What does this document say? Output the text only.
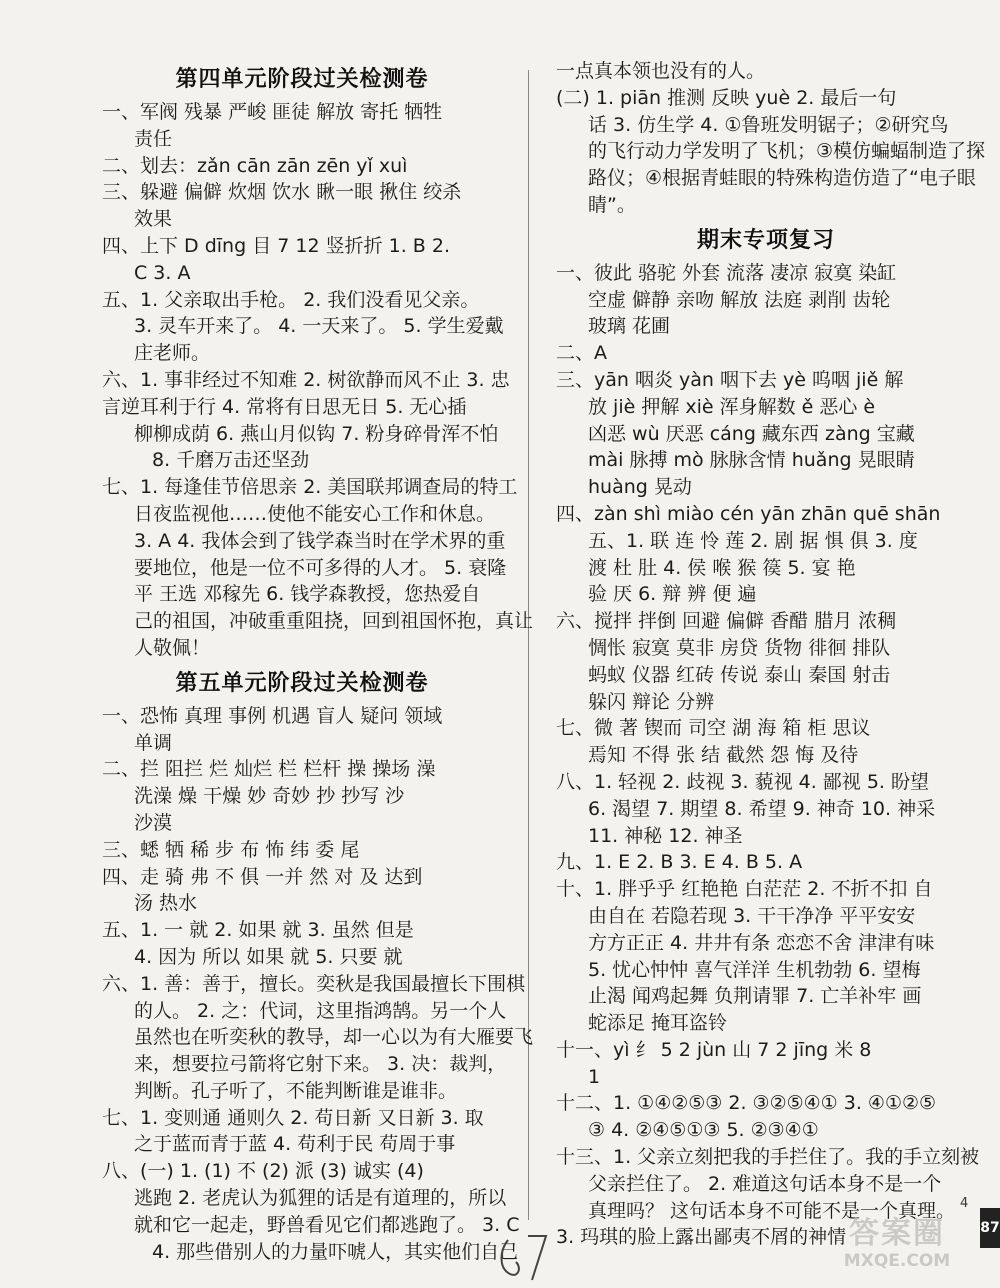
第四单元阶段过关检测卷
一、军阀 残暴 严峻 匪徒 解放 寄托 牺牲
责任
二、划去：zǎn cān zān zēn yǐ xuì
三、躲避 偏僻 炊烟 饮水 瞅一眼 揪住 绞杀
效果
四、上下 D dīng 目 7 12 竖折折 1. B 2.
C 3. A
五、1. 父亲取出手枪。 2. 我们没看见父亲。
3. 灵车开来了。 4. 一天来了。 5. 学生爱戴
庄老师。
六、1. 事非经过不知难 2. 树欲静而风不止 3. 忠
言逆耳利于行 4. 常将有日思无日 5. 无心插
柳柳成荫 6. 燕山月似钩 7. 粉身碎骨浑不怕
8. 千磨万击还坚劲
七、1. 每逢佳节倍思亲 2. 美国联邦调查局的特工
日夜监视他……使他不能安心工作和休息。
3. A 4. 我体会到了钱学森当时在学术界的重
要地位，他是一位不可多得的人才。 5. 衰隆
平 王选 邓稼先 6. 钱学森教授，您热爱自
己的祖国，冲破重重阻挠，回到祖国怀抱，真让
人敬佩！
第五单元阶段过关检测卷
一、恐怖 真理 事例 机遇 盲人 疑问 领域
单调
二、拦 阻拦 烂 灿烂 栏 栏杆 操 操场 澡
洗澡 燥 干燥 妙 奇妙 抄 抄写 沙
沙漠
三、蟋 牺 稀 步 布 怖 纬 委 尾
四、走 骑 弗 不 俱 一并 然 对 及 达到
汤 热水
五、1. 一 就 2. 如果 就 3. 虽然 但是
4. 因为 所以 如果 就 5. 只要 就
六、1. 善：善于，擅长。奕秋是我国最擅长下围棋
的人。 2. 之：代词，这里指鸿鹄。另一个人
虽然也在听奕秋的教导，却一心以为有大雁要飞
来，想要拉弓箭将它射下来。 3. 决：裁判，
判断。孔子听了，不能判断谁是谁非。
七、1. 变则通 通则久 2. 苟日新 又日新 3. 取
之于蓝而青于蓝 4. 苟利于民 苟周于事
八、(一) 1. (1) 不 (2) 派 (3) 诚实 (4)
逃跑 2. 老虎认为狐狸的话是有道理的，所以
就和它一起走，野兽看见它们都逃跑了。 3. C
4. 那些借别人的力量吓唬人，其实他们自己
一点真本领也没有的人。
(二) 1. piān 推测 反映 yuè 2. 最后一句
话 3. 仿生学 4. ①鲁班发明锯子；②研究鸟
的飞行动力学发明了飞机；③模仿蝙蝠制造了探
路仪；④根据青蛙眼的特殊构造仿造了“电子眼
睛”。
期末专项复习
一、彼此 骆驼 外套 流落 凄凉 寂寞 染缸
空虚 僻静 亲吻 解放 法庭 剥削 齿轮
玻璃 花圃
二、A
三、yān 咽炎 yàn 咽下去 yè 呜咽 jiě 解
放 jiè 押解 xiè 浑身解数 ě 恶心 è
凶恶 wù 厌恶 cáng 藏东西 zàng 宝藏
mài 脉搏 mò 脉脉含情 huǎng 晃眼睛
huàng 晃动
四、zàn shì miào cén yān zhān quē shān
五、1. 联 连 怜 莲 2. 剧 据 惧 俱 3. 度
渡 杜 肚 4. 侯 喉 猴 篌 5. 宴 艳
验 厌 6. 辩 辨 便 遍
六、搅拌 拌倒 回避 偏僻 香醋 腊月 浓稠
惆怅 寂寞 莫非 房贷 货物 徘徊 排队
蚂蚁 仪器 红砖 传说 泰山 秦国 射击
躲闪 辩论 分辨
七、微 著 锲而 司空 湖 海 箱 柜 思议
焉知 不得 张 结 截然 怨 悔 及待
八、1. 轻视 2. 歧视 3. 藐视 4. 鄙视 5. 盼望
6. 渴望 7. 期望 8. 希望 9. 神奇 10. 神采
11. 神秘 12. 神圣
九、1. E 2. B 3. E 4. B 5. A
十、1. 胖乎乎 红艳艳 白茫茫 2. 不折不扣 自
由自在 若隐若现 3. 干干净净 平平安安
方方正正 4. 井井有条 恋恋不舍 津津有味
5. 忧心忡忡 喜气洋洋 生机勃勃 6. 望梅
止渴 闻鸡起舞 负荆请罪 7. 亡羊补牢 画
蛇添足 掩耳盗铃
十一、yì 纟 5 2 jùn 山 7 2 jīng 米 8
1
十二、1. ①④②⑤③ 2. ③②⑤④① 3. ④①②⑤
③ 4. ②④⑤①③ 5. ②③④①
十三、1. 父亲立刻把我的手拦住了。我的手立刻被
父亲拦住了。 2. 难道这句话本身不是一个
真理吗？ 这句话本身不可能不是一个真理。
3. 玛琪的脸上露出鄙夷不屑的神情
4
87
答案圈
MXQE.COM
